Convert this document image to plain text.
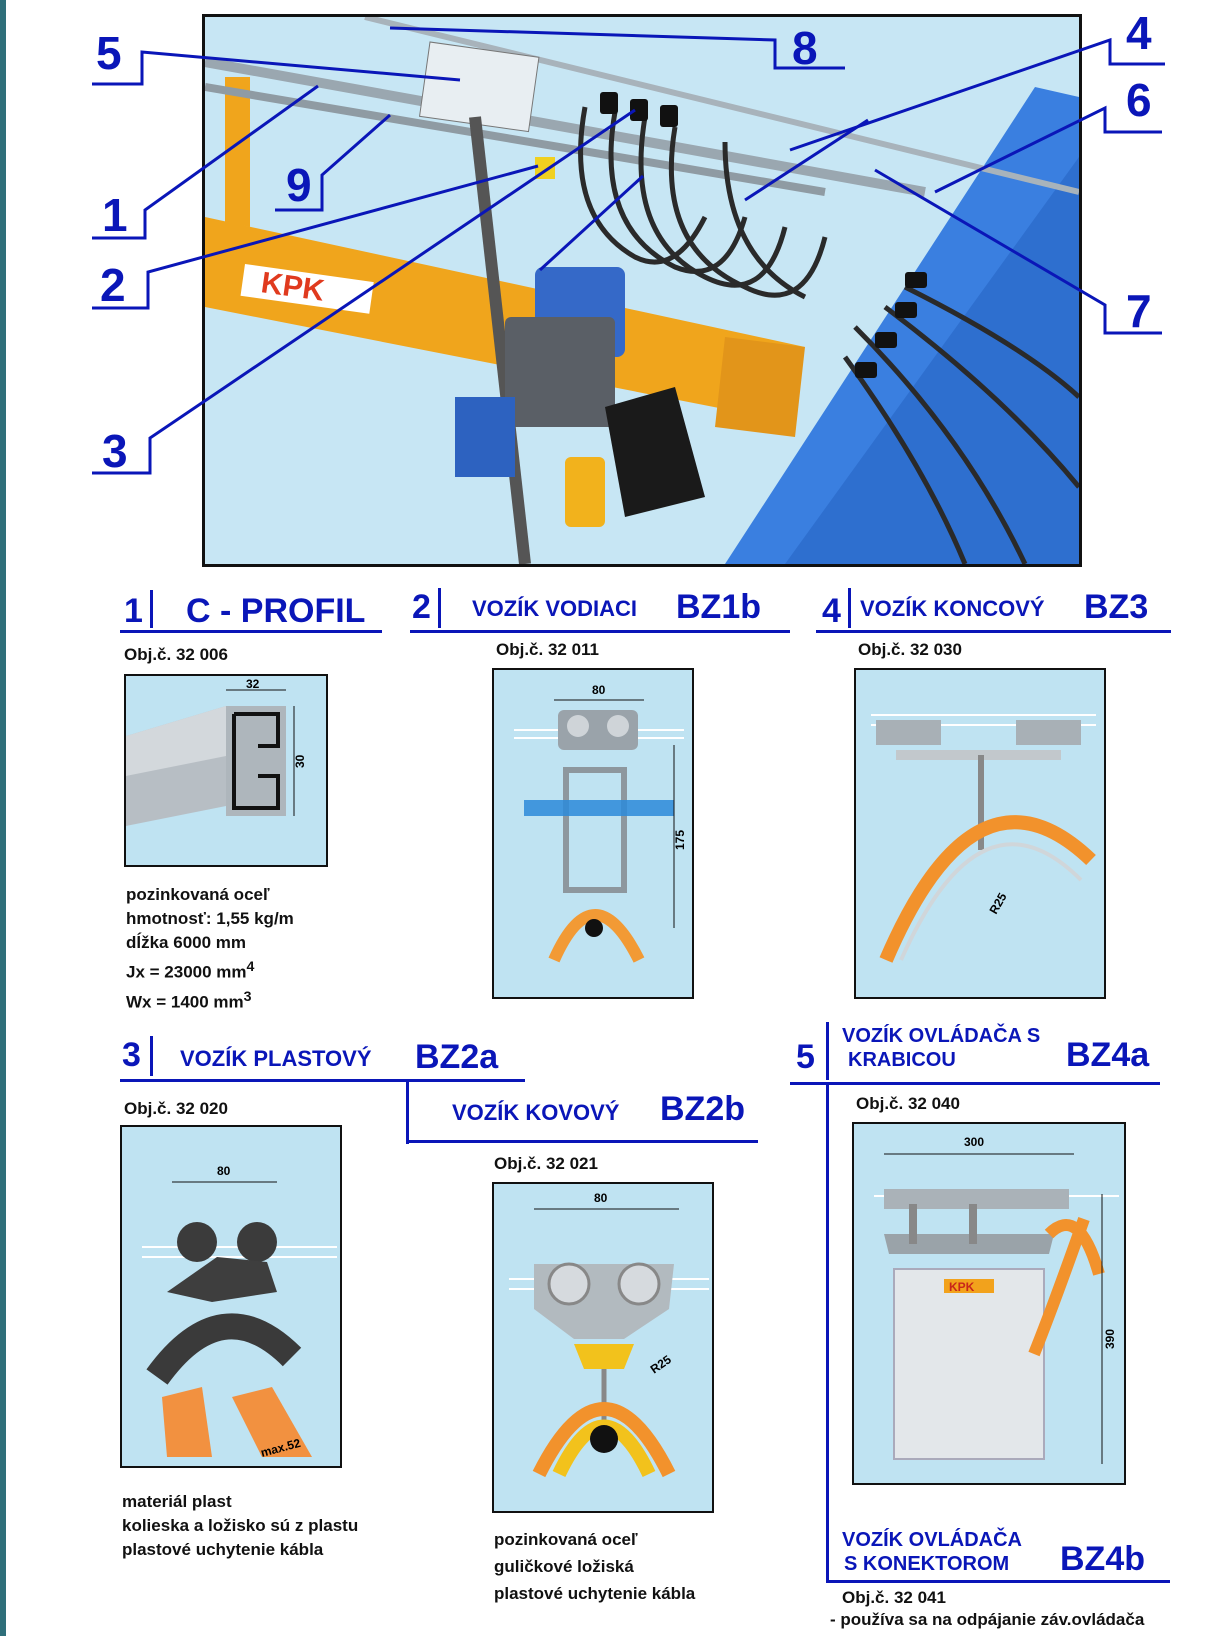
KPK
5	8	4
6
9
1
2	7
3
1 C - PROFIL
Obj.č. 32 006
32
30
pozinkovaná oceľ
hmotnosť: 1,55 kg/m
dĺžka 6000 mm
Jx = 23000 $mm^4$
Wx = 1400 $mm^3$
2 VOZÍK VODIACI BZ1b
Obj.č. 32 011
80
175
4 VOZÍK KONCOVÝ BZ3
Obj.č. 32 030
R25
3 VOZÍK PLASTOVÝ BZ2a
Obj.č. 32 020
80
max.52
materiál plast
kolieska a ložisko sú z plastu
plastové uchytenie kábla
VOZÍK KOVOVÝ BZ2b
Obj.č. 32 021
80
R25
pozinkovaná oceľ
guličkové ložiská
plastové uchytenie kábla
5
VOZÍK OVLÁDAČA S
KRABICOU	BZ4a
Obj.č. 32 040
KPK
300
390
VOZÍK OVLÁDAČA
S KONEKTOROM BZ4b
Obj.č. 32 041
- používa sa na odpájanie záv.ovládača
